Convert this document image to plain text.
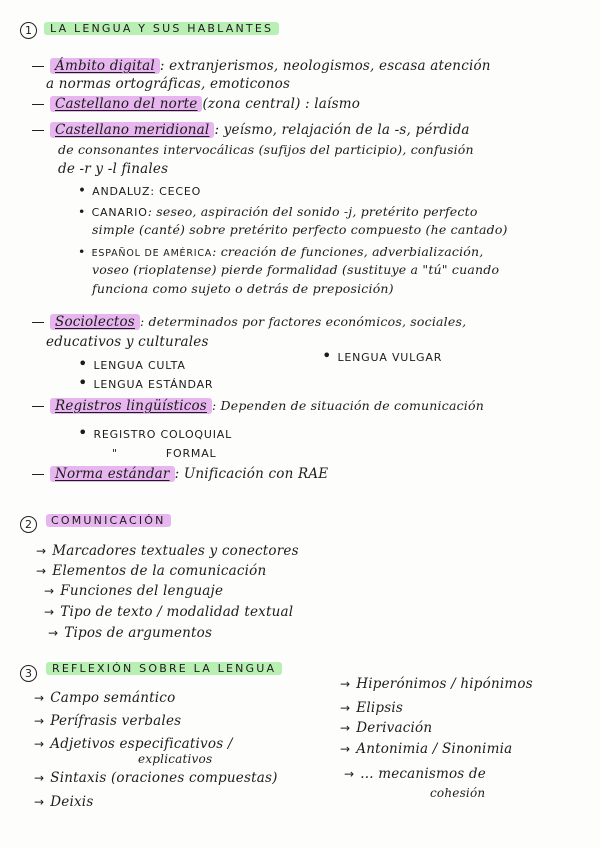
1	LA LENGUA Y SUS HABLANTES
Ámbito digital : extranjerismos, neologismos, escasa atención
a normas ortográficas, emoticonos
Castellano del norte (zona central) : laísmo
Castellano meridional : yeísmo, relajación de la -s, pérdida
de consonantes intervocálicas (sufijos del participio), confusión
de -r y -l finales
• ANDALUZ: CECEO
• CANARIO: seseo, aspiración del sonido -j, pretérito perfecto
simple (canté) sobre pretérito perfecto compuesto (he cantado)
• ESPAÑOL DE AMÉRICA: creación de funciones, adverbialización,
voseo (rioplatense) pierde formalidad (sustituye a "tú" cuando
funciona como sujeto o detrás de preposición)
Sociolectos : determinados por factores económicos, sociales,
educativos y culturales
• LENGUA CULTA
• LENGUA VULGAR
• LENGUA ESTÁNDAR
Registros lingüísticos : Dependen de situación de comunicación
• REGISTRO COLOQUIAL
"	FORMAL
Norma estándar : Unificación con RAE
2	COMUNICACIÓN
→ Marcadores textuales y conectores
→ Elementos de la comunicación
→ Funciones del lenguaje
→ Tipo de texto / modalidad textual
→ Tipos de argumentos
3	REFLEXIÓN SOBRE LA LENGUA
→ Campo semántico
→ Perífrasis verbales
→ Adjetivos especificativos /
explicativos
→ Sintaxis (oraciones compuestas)
→ Deixis
→ Hiperónimos / hipónimos
→ Elipsis
→ Derivación
→ Antonimia / Sinonimia
→ ... mecanismos de
cohesión
